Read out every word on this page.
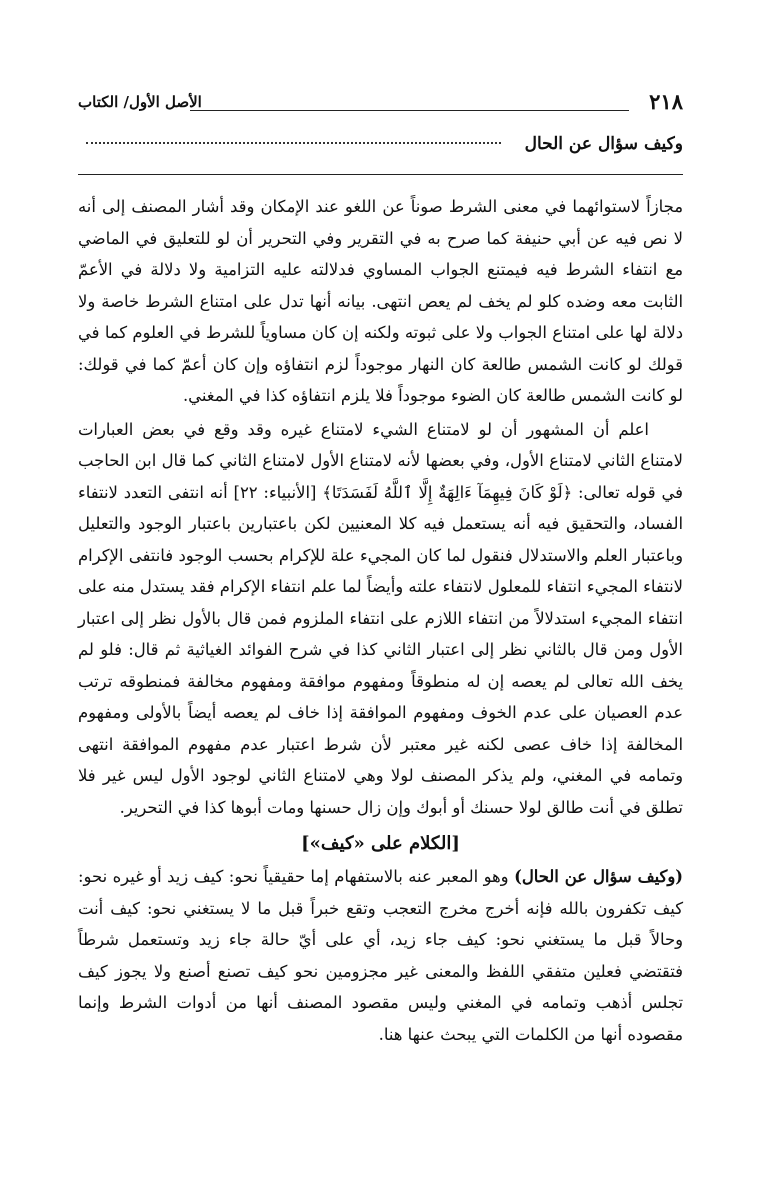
٢١٨
الأصل الأول/ الكتاب
وكيف سؤال عن الحال

مجازاً لاستوائهما في معنى الشرط صوناً عن اللغو عند الإمكان وقد أشار المصنف إلى أنه لا نص فيه عن أبي حنيفة كما صرح به في التقرير وفي التحرير أن لو للتعليق في الماضي مع انتفاء الشرط فيه فيمتنع الجواب المساوي فدلالته عليه التزامية ولا دلالة في الأعمّ الثابت معه وضده كلو لم يخف لم يعص انتهى. بيانه أنها تدل على امتناع الشرط خاصة ولا دلالة لها على امتناع الجواب ولا على ثبوته ولكنه إن كان مساوياً للشرط في العلوم كما في قولك لو كانت الشمس طالعة كان النهار موجوداً لزم انتفاؤه وإن كان أعمّ كما في قولك: لو كانت الشمس طالعة كان الضوء موجوداً فلا يلزم انتفاؤه كذا في المغني.

اعلم أن المشهور أن لو لامتناع الشيء لامتناع غيره وقد وقع في بعض العبارات لامتناع الثاني لامتناع الأول، وفي بعضها لأنه لامتناع الأول لامتناع الثاني كما قال ابن الحاجب في قوله تعالى: ﴿لَوْ كَانَ فِيهِمَآ ءَالِهَةٌ إِلَّا ٱللَّهُ لَفَسَدَتَا﴾ [الأنبياء: ٢٢] أنه انتفى التعدد لانتفاء الفساد، والتحقيق فيه أنه يستعمل فيه كلا المعنيين لكن باعتبارين باعتبار الوجود والتعليل وباعتبار العلم والاستدلال فنقول لما كان المجيء علة للإكرام بحسب الوجود فانتفى الإكرام لانتفاء المجيء انتفاء للمعلول لانتفاء علته وأيضاً لما علم انتفاء الإكرام فقد يستدل منه على انتفاء المجيء استدلالاً من انتفاء اللازم على انتفاء الملزوم فمن قال بالأول نظر إلى اعتبار الأول ومن قال بالثاني نظر إلى اعتبار الثاني كذا في شرح الفوائد الغياثية ثم قال: فلو لم يخف الله تعالى لم يعصه إن له منطوقاً ومفهوم موافقة ومفهوم مخالفة فمنطوقه ترتب عدم العصيان على عدم الخوف ومفهوم الموافقة إذا خاف لم يعصه أيضاً بالأولى ومفهوم المخالفة إذا خاف عصى لكنه غير معتبر لأن شرط اعتبار عدم مفهوم الموافقة انتهى وتمامه في المغني، ولم يذكر المصنف لولا وهي لامتناع الثاني لوجود الأول ليس غير فلا تطلق في أنت طالق لولا حسنك أو أبوك وإن زال حسنها ومات أبوها كذا في التحرير.

[الكلام على «كيف»]

(وكيف سؤال عن الحال) وهو المعبر عنه بالاستفهام إما حقيقياً نحو: كيف زيد أو غيره نحو: كيف تكفرون بالله فإنه أخرج مخرج التعجب وتقع خبراً قبل ما لا يستغني نحو: كيف أنت وحالاً قبل ما يستغني نحو: كيف جاء زيد، أي على أيّ حالة جاء زيد وتستعمل شرطاً فتقتضي فعلين متفقي اللفظ والمعنى غير مجزومين نحو كيف تصنع أصنع ولا يجوز كيف تجلس أذهب وتمامه في المغني وليس مقصود المصنف أنها من أدوات الشرط وإنما مقصوده أنها من الكلمات التي يبحث عنها هنا.
